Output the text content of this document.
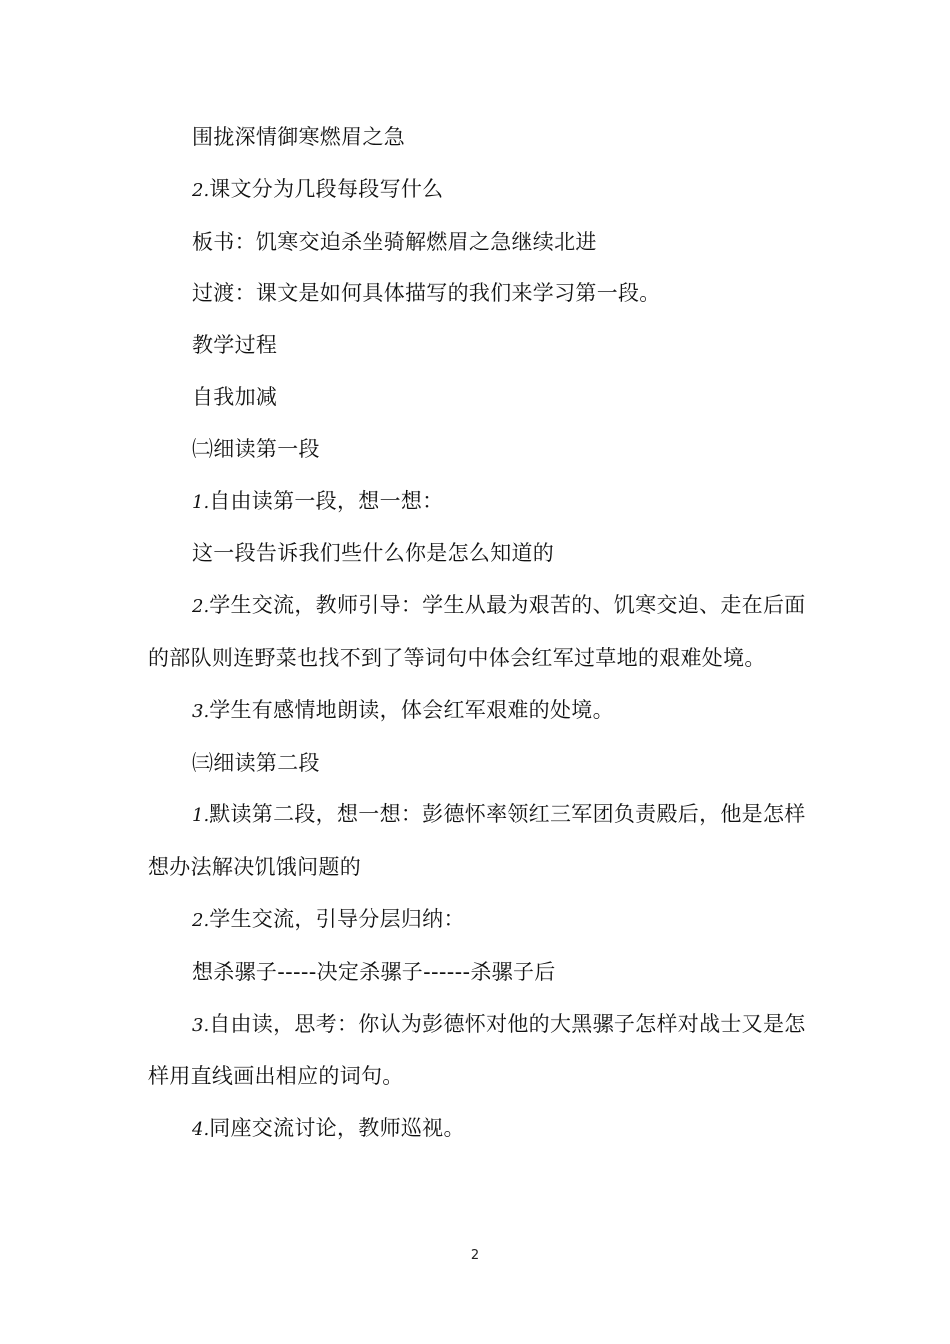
围拢深情御寒燃眉之急

2.课文分为几段每段写什么

板书：饥寒交迫杀坐骑解燃眉之急继续北进

过渡：课文是如何具体描写的我们来学习第一段。

教学过程

自我加减

㈡细读第一段

1.自由读第一段，想一想：

这一段告诉我们些什么你是怎么知道的

2.学生交流，教师引导：学生从最为艰苦的、饥寒交迫、走在后面的部队则连野菜也找不到了等词句中体会红军过草地的艰难处境。

3.学生有感情地朗读，体会红军艰难的处境。

㈢细读第二段

1.默读第二段，想一想：彭德怀率领红三军团负责殿后，他是怎样想办法解决饥饿问题的

2.学生交流，引导分层归纳：

想杀骡子-----决定杀骡子------杀骡子后

3.自由读，思考：你认为彭德怀对他的大黑骡子怎样对战士又是怎样用直线画出相应的词句。

4.同座交流讨论，教师巡视。

2
